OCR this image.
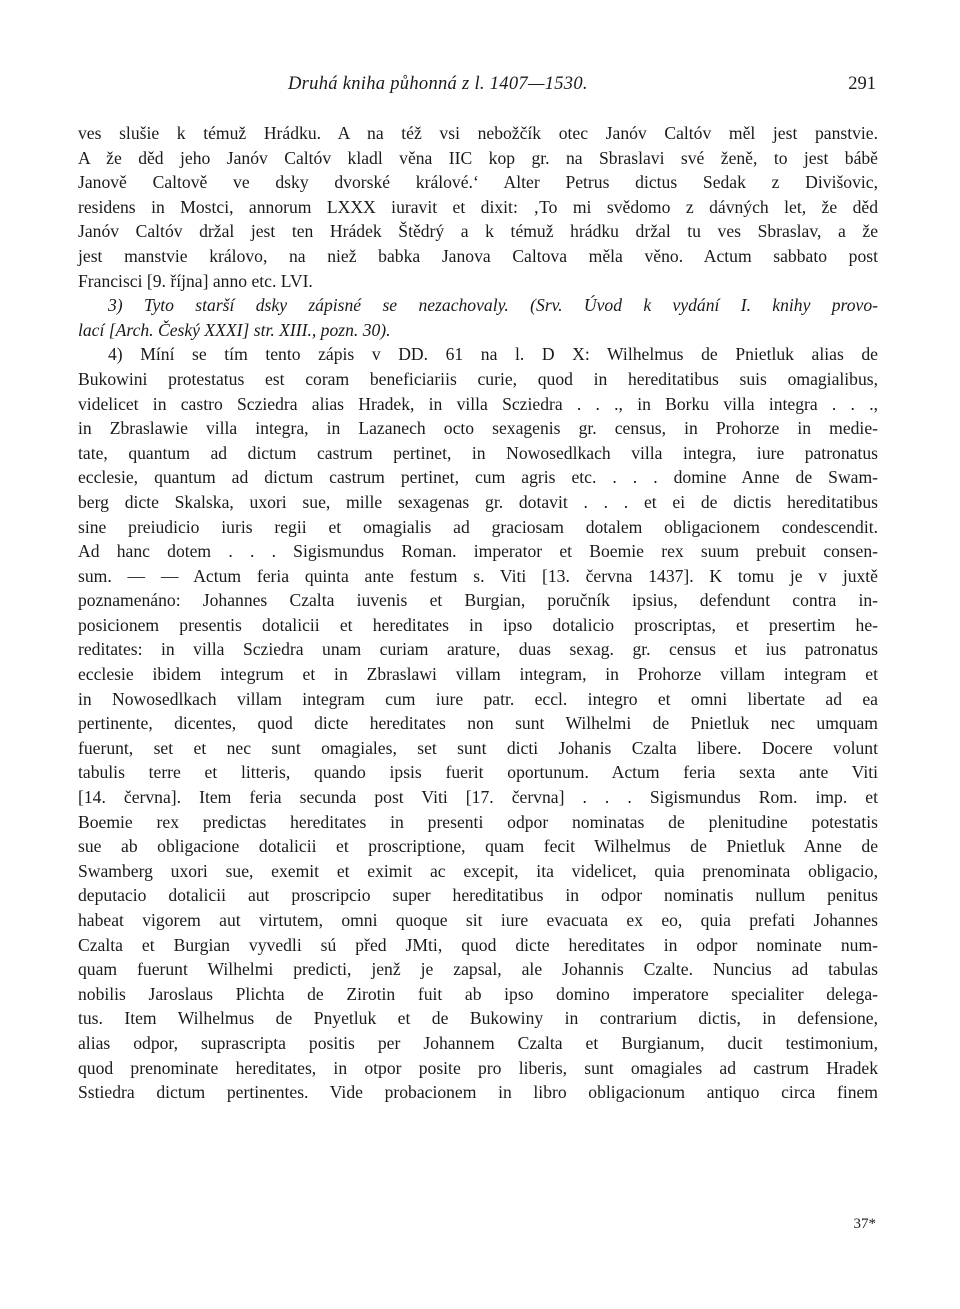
Druhá kniha půhonná z l. 1407—1530.	291
ves slušie k témuž Hrádku. A na též vsi nebožčík otec Janóv Caltóv měl jest panstvie.
A že děd jeho Janóv Caltóv kladl věna IIC kop gr. na Sbraslavi své ženě, to jest bábě
Janově Caltově ve dsky dvorské králové.‘ Alter Petrus dictus Sedak z Divišovic,
residens in Mostci, annorum LXXX iuravit et dixit: ‚To mi svědomo z dávných let, že děd
Janóv Caltóv držal jest ten Hrádek Štědrý a k témuž hrádku držal tu ves Sbraslav, a že
jest manstvie královo, na niež babka Janova Caltova měla věno. Actum sabbato post
Francisci [9. října] anno etc. LVI.
3) Tyto starší dsky zápisné se nezachovaly. (Srv. Úvod k vydání I. knihy provo-
lací [Arch. Český XXXI] str. XIII., pozn. 30).
4) Míní se tím tento zápis v DD. 61 na l. D X: Wilhelmus de Pnietluk alias de
Bukowini protestatus est coram beneficiariis curie, quod in hereditatibus suis omagialibus,
videlicet in castro Scziedra alias Hradek, in villa Scziedra . . ., in Borku villa integra . . .,
in Zbraslawie villa integra, in Lazanech octo sexagenis gr. census, in Prohorze in medie-
tate, quantum ad dictum castrum pertinet, in Nowosedlkach villa integra, iure patronatus
ecclesie, quantum ad dictum castrum pertinet, cum agris etc. . . . domine Anne de Swam-
berg dicte Skalska, uxori sue, mille sexagenas gr. dotavit . . . et ei de dictis hereditatibus
sine preiudicio iuris regii et omagialis ad graciosam dotalem obligacionem condescendit.
Ad hanc dotem . . . Sigismundus Roman. imperator et Boemie rex suum prebuit consen-
sum. — — Actum feria quinta ante festum s. Viti [13. června 1437]. K tomu je v juxtě
poznamenáno: Johannes Czalta iuvenis et Burgian, poručník ipsius, defendunt contra in-
posicionem presentis dotalicii et hereditates in ipso dotalicio proscriptas, et presertim he-
reditates: in villa Scziedra unam curiam arature, duas sexag. gr. census et ius patronatus
ecclesie ibidem integrum et in Zbraslawi villam integram, in Prohorze villam integram et
in Nowosedlkach villam integram cum iure patr. eccl. integro et omni libertate ad ea
pertinente, dicentes, quod dicte hereditates non sunt Wilhelmi de Pnietluk nec umquam
fuerunt, set et nec sunt omagiales, set sunt dicti Johanis Czalta libere. Docere volunt
tabulis terre et litteris, quando ipsis fuerit oportunum. Actum feria sexta ante Viti
[14. června]. Item feria secunda post Viti [17. června] . . . Sigismundus Rom. imp. et
Boemie rex predictas hereditates in presenti odpor nominatas de plenitudine potestatis
sue ab obligacione dotalicii et proscriptione, quam fecit Wilhelmus de Pnietluk Anne de
Swamberg uxori sue, exemit et eximit ac excepit, ita videlicet, quia prenominata obligacio,
deputacio dotalicii aut proscripcio super hereditatibus in odpor nominatis nullum penitus
habeat vigorem aut virtutem, omni quoque sit iure evacuata ex eo, quia prefati Johannes
Czalta et Burgian vyvedli sú před JMti, quod dicte hereditates in odpor nominate num-
quam fuerunt Wilhelmi predicti, jenž je zapsal, ale Johannis Czalte. Nuncius ad tabulas
nobilis Jaroslaus Plichta de Zirotin fuit ab ipso domino imperatore specialiter delega-
tus. Item Wilhelmus de Pnyetluk et de Bukowiny in contrarium dictis, in defensione,
alias odpor, suprascripta positis per Johannem Czalta et Burgianum, ducit testimonium,
quod prenominate hereditates, in otpor posite pro liberis, sunt omagiales ad castrum Hradek
Sstiedra dictum pertinentes. Vide probacionem in libro obligacionum antiquo circa finem
37*
